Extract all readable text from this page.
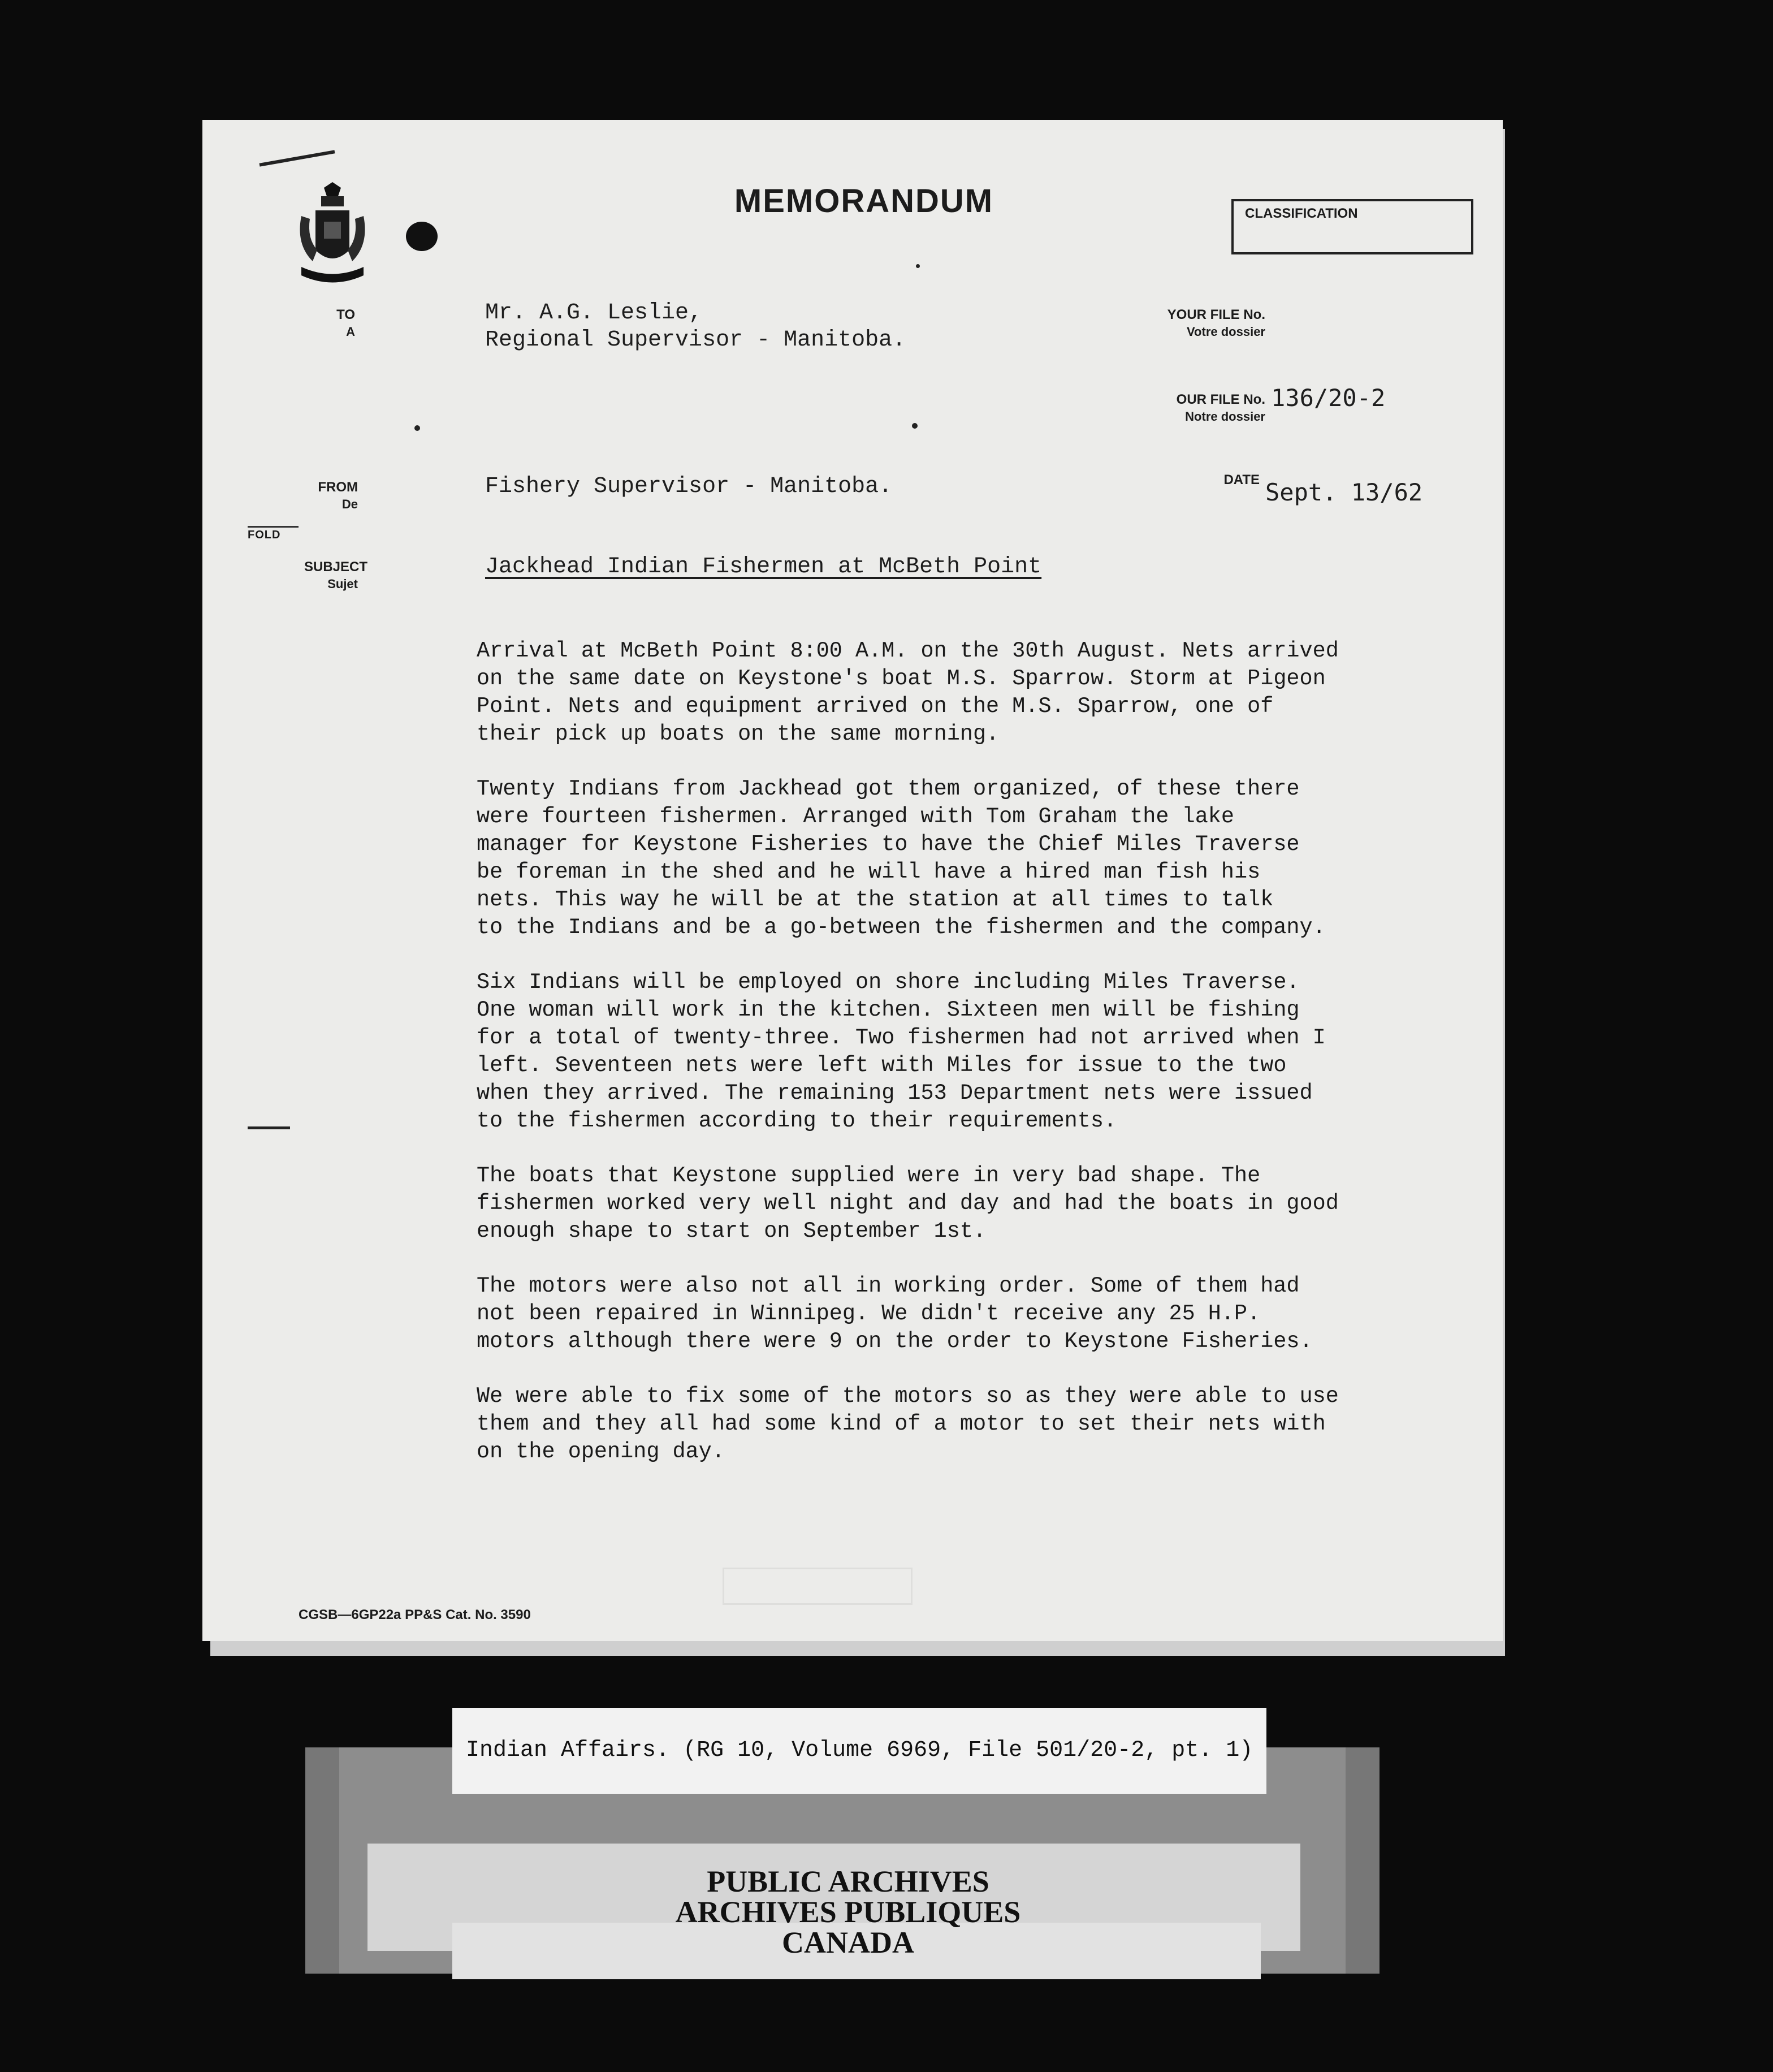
MEMORANDUM	CLASSIFICATION
TO
A
Mr. A.G. Leslie,
Regional Supervisor - Manitoba.
YOUR FILE No.
Votre dossier
OUR FILE No.
Notre dossier
136/20-2
FROM
De
Fishery Supervisor - Manitoba.	DATE Sept. 13/62
FOLD
SUBJECT
Sujet
Jackhead Indian Fishermen at McBeth Point

Arrival at McBeth Point 8:00 A.M. on the 30th August. Nets arrived
on the same date on Keystone's boat M.S. Sparrow. Storm at Pigeon
Point. Nets and equipment arrived on the M.S. Sparrow, one of
their pick up boats on the same morning.

Twenty Indians from Jackhead got them organized, of these there
were fourteen fishermen. Arranged with Tom Graham the lake
manager for Keystone Fisheries to have the Chief Miles Traverse
be foreman in the shed and he will have a hired man fish his
nets. This way he will be at the station at all times to talk
to the Indians and be a go-between the fishermen and the company.

Six Indians will be employed on shore including Miles Traverse.
One woman will work in the kitchen. Sixteen men will be fishing
for a total of twenty-three. Two fishermen had not arrived when I
left. Seventeen nets were left with Miles for issue to the two
when they arrived. The remaining 153 Department nets were issued
to the fishermen according to their requirements.

The boats that Keystone supplied were in very bad shape. The
fishermen worked very well night and day and had the boats in good
enough shape to start on September 1st.

The motors were also not all in working order. Some of them had
not been repaired in Winnipeg. We didn't receive any 25 H.P.
motors although there were 9 on the order to Keystone Fisheries.

We were able to fix some of the motors so as they were able to use
them and they all had some kind of a motor to set their nets with
on the opening day.

CGSB—6GP22a PP&S Cat. No. 3590
Indian Affairs. (RG 10, Volume 6969, File 501/20-2, pt. 1)
PUBLIC ARCHIVES
ARCHIVES PUBLIQUES
CANADA
